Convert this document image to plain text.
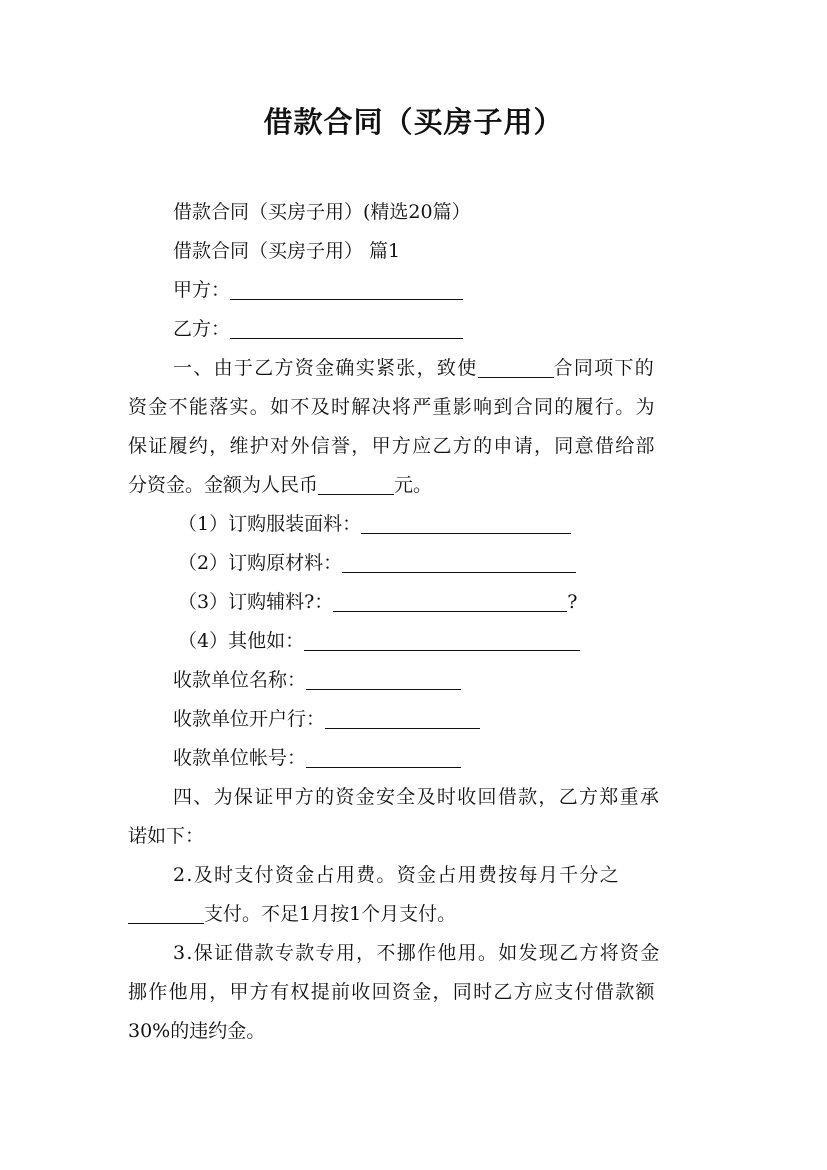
借款合同（买房子用）
借款合同（买房子用）(精选20篇）
借款合同（买房子用） 篇1
甲方：
乙方：
一、由于乙方资金确实紧张，致使	合同项下的
资金不能落实。如不及时解决将严重影响到合同的履行。为
保证履约，维护对外信誉，甲方应乙方的申请，同意借给部
分资金。金额为人民币	元。
（1）订购服装面料：
（2）订购原材料：
（3）订购辅料?：	?
（4）其他如：
收款单位名称：
收款单位开户行：
收款单位帐号：
四、为保证甲方的资金安全及时收回借款，乙方郑重承
诺如下：
2.及时支付资金占用费。资金占用费按每月千分之
支付。不足1月按1个月支付。
3.保证借款专款专用，不挪作他用。如发现乙方将资金
挪作他用，甲方有权提前收回资金，同时乙方应支付借款额
30%的违约金。
